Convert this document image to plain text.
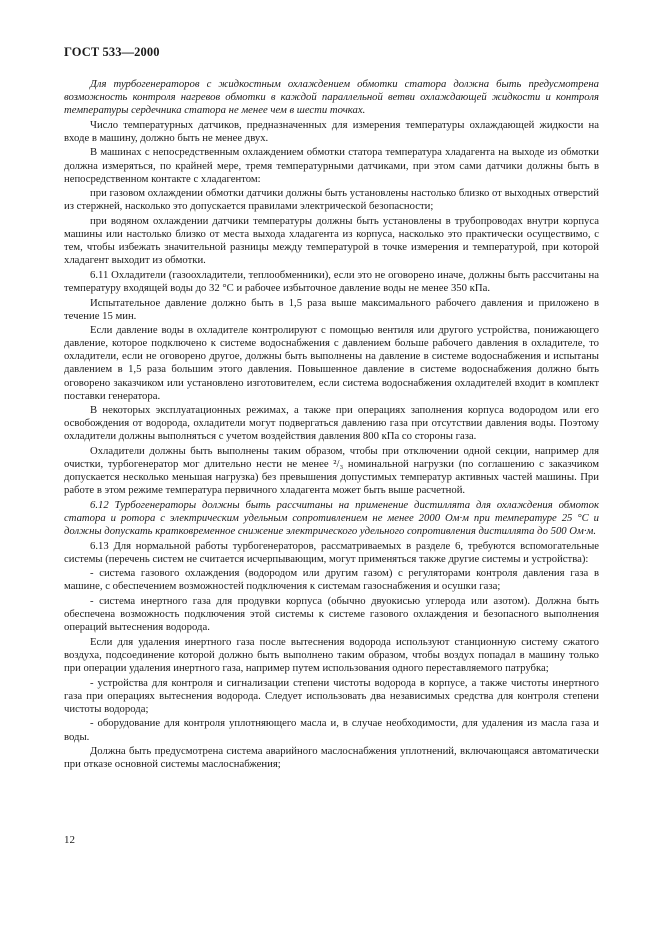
ГОСТ 533—2000

Для турбогенераторов с жидкостным охлаждением обмотки статора должна быть предусмотрена возможность контроля нагревов обмотки в каждой параллельной ветви охлаждающей жидкости и контроля температуры сердечника статора не менее чем в шести точках.

Число температурных датчиков, предназначенных для измерения температуры охлаждающей жидкости на входе в машину, должно быть не менее двух.

В машинах с непосредственным охлаждением обмотки статора температура хладагента на выходе из обмотки должна измеряться, по крайней мере, тремя температурными датчиками, при этом сами датчики должны быть в непосредственном контакте с хладагентом:

при газовом охлаждении обмотки датчики должны быть установлены настолько близко от выходных отверстий из стержней, насколько это допускается правилами электрической безопасности;

при водяном охлаждении датчики температуры должны быть установлены в трубопроводах внутри корпуса машины или настолько близко от места выхода хладагента из корпуса, насколько это практически осуществимо, с тем, чтобы избежать значительной разницы между температурой в точке измерения и температурой, при которой хладагент выходит из обмотки.

6.11 Охладители (газоохладители, теплообменники), если это не оговорено иначе, должны быть рассчитаны на температуру входящей воды до 32 °С и рабочее избыточное давление воды не менее 350 кПа.

Испытательное давление должно быть в 1,5 раза выше максимального рабочего давления и приложено в течение 15 мин.

Если давление воды в охладителе контролируют с помощью вентиля или другого устройства, понижающего давление, которое подключено к системе водоснабжения с давлением больше рабочего давления в охладителе, то охладители, если не оговорено другое, должны быть выполнены на давление в системе водоснабжения и испытаны давлением в 1,5 раза большим этого давления. Повышенное давление в системе водоснабжения должно быть оговорено заказчиком или установлено изготовителем, если система водоснабжения охладителей входит в комплект поставки генератора.

В некоторых эксплуатационных режимах, а также при операциях заполнения корпуса водородом или его освобождения от водорода, охладители могут подвергаться давлению газа при отсутствии давления воды. Поэтому охладители должны выполняться с учетом воздействия давления 800 кПа со стороны газа.

Охладители должны быть выполнены таким образом, чтобы при отключении одной секции, например для очистки, турбогенератор мог длительно нести не менее ²/₃ номинальной нагрузки (по соглашению с заказчиком допускается несколько меньшая нагрузка) без превышения допустимых температур активных частей машины. При работе в этом режиме температура первичного хладагента может быть выше расчетной.

6.12 Турбогенераторы должны быть рассчитаны на применение дистиллята для охлаждения обмоток статора и ротора с электрическим удельным сопротивлением не менее 2000 Ом·м при температуре 25 °С и должны допускать кратковременное снижение электрического удельного сопротивления дистиллята до 500 Ом·м.

6.13 Для нормальной работы турбогенераторов, рассматриваемых в разделе 6, требуются вспомогательные системы (перечень систем не считается исчерпывающим, могут применяться также другие системы и устройства):

- система газового охлаждения (водородом или другим газом) с регуляторами контроля давления газа в машине, с обеспечением возможностей подключения к системам газоснабжения и осушки газа;

- система инертного газа для продувки корпуса (обычно двуокисью углерода или азотом). Должна быть обеспечена возможность подключения этой системы к системе газового охлаждения и безопасного выполнения операций вытеснения водорода.

Если для удаления инертного газа после вытеснения водорода используют станционную систему сжатого воздуха, подсоединение которой должно быть выполнено таким образом, чтобы воздух попадал в машину только при операции удаления инертного газа, например путем использования одного переставляемого патрубка;

- устройства для контроля и сигнализации степени чистоты водорода в корпусе, а также чистоты инертного газа при операциях вытеснения водорода. Следует использовать два независимых средства для контроля степени чистоты водорода;

- оборудование для контроля уплотняющего масла и, в случае необходимости, для удаления из масла газа и воды.

Должна быть предусмотрена система аварийного маслоснабжения уплотнений, включающаяся автоматически при отказе основной системы маслоснабжения;

12
